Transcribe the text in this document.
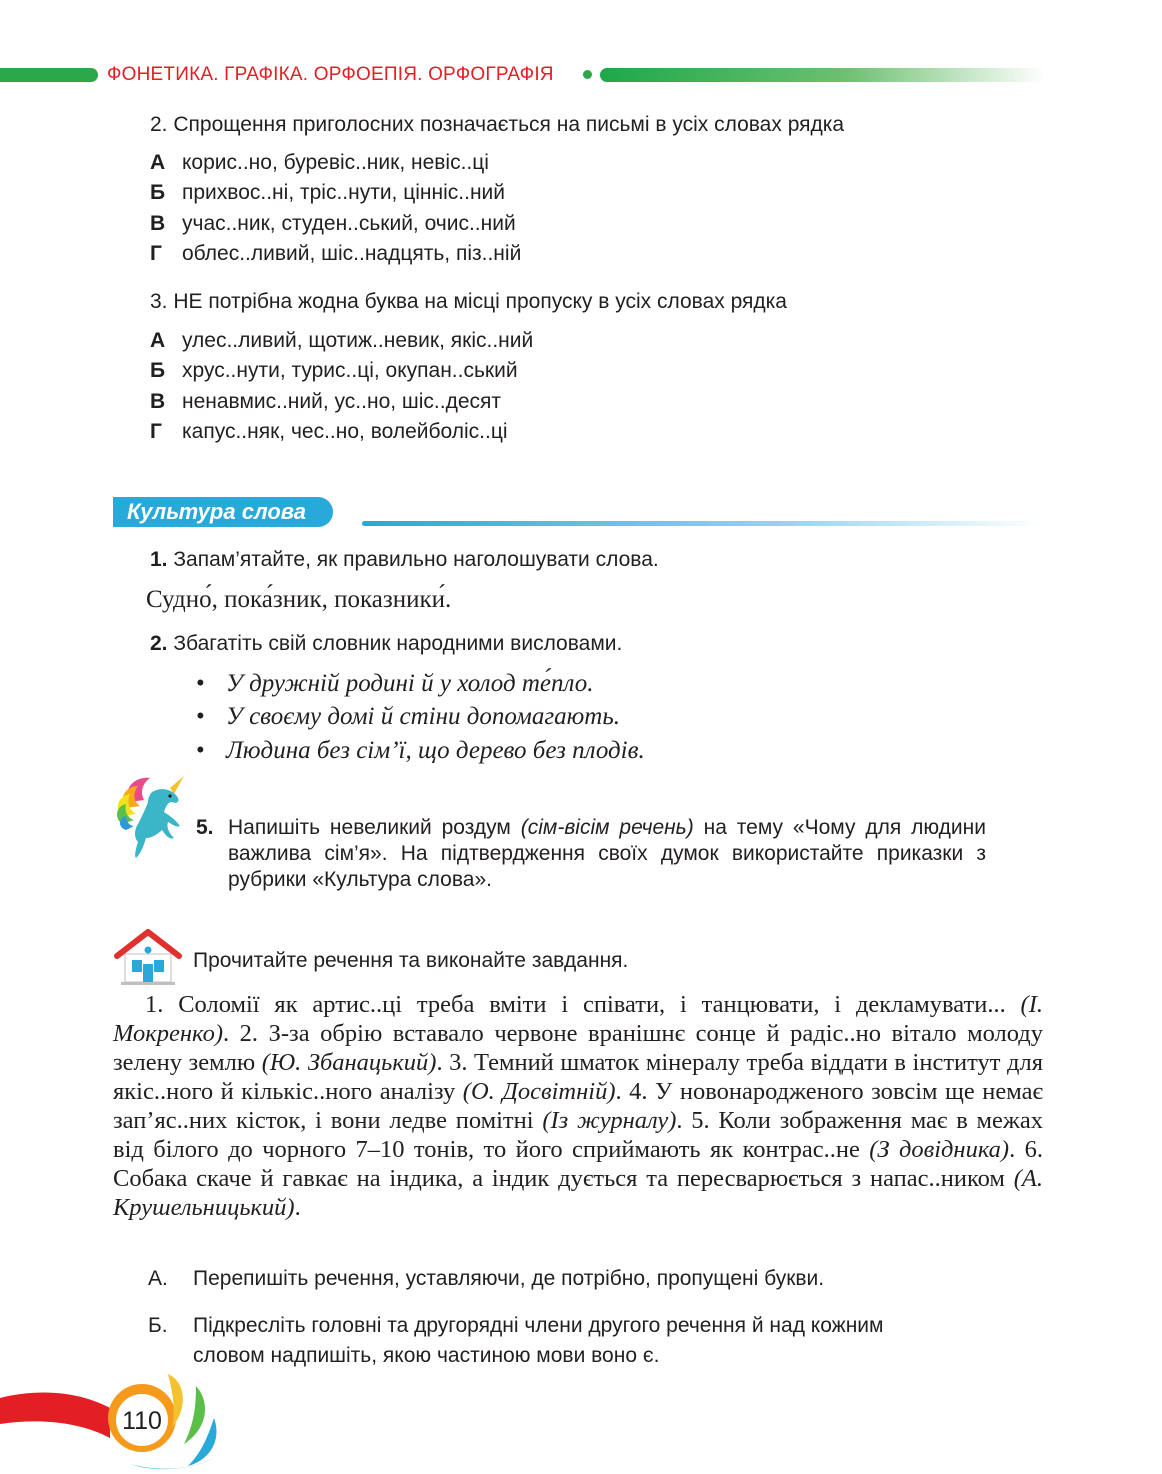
ФОНЕТИКА. ГРАФІКА. ОРФОЕПІЯ. ОРФОГРАФІЯ
2. Спрощення приголосних позначається на письмі в усіх словах рядка
А корис..но, буревіс..ник, невіс..ці
Б прихвос..ні, тріс..нути, цінніс..ний
В учас..ник, студен..ський, очис..ний
Г облес..ливий, шіс..надцять, піз..ній
3. НЕ потрібна жодна буква на місці пропуску в усіх словах рядка
А улес..ливий, щотиж..невик, якіс..ний
Б хрус..нути, турис..ці, окупан..ський
В ненавмис..ний, ус..но, шіс..десят
Г капус..няк, чес..но, волейболіс..ці
Культура слова
1. Запам’ятайте, як правильно наголошувати слова.
Судно́, пока́зник, показники́.
2. Збагатіть свій словник народними висловами.
• У дружній родині й у холод те́пло.
• У своєму домі й стіни допомагають.
• Людина без сім’ї, що дерево без плодів.
5. Напишіть невеликий роздум (сім-вісім речень) на тему «Чому для людини важлива сім’я». На підтвердження своїх думок використайте приказки з рубрики «Культура слова».
Прочитайте речення та виконайте завдання.
1. Соломії як артис..ці треба вміти і співати, і танцювати, і декламувати... (І. Мокренко). 2. З-за обрію вставало червоне вранішнє сонце й радіс..но вітало молоду зелену землю (Ю. Збанацький). 3. Темний шматок мінералу треба віддати в інститут для якіс..ного й кількіс..ного аналізу (О. Досвітній). 4. У новонародженого зовсім ще немає зап’яс..них кісток, і вони ледве помітні (Із журналу). 5. Коли зображення має в межах від білого до чорного 7–10 тонів, то його сприймають як контрас..не (З довідника). 6. Собака скаче й гавкає на індика, а індик дується та пересварюється з напас..ником (А. Крушельницький).
А. Перепишіть речення, уставляючи, де потрібно, пропущені букви.
Б. Підкресліть головні та другорядні члени другого речення й над кожним словом надпишіть, якою частиною мови воно є.
110
